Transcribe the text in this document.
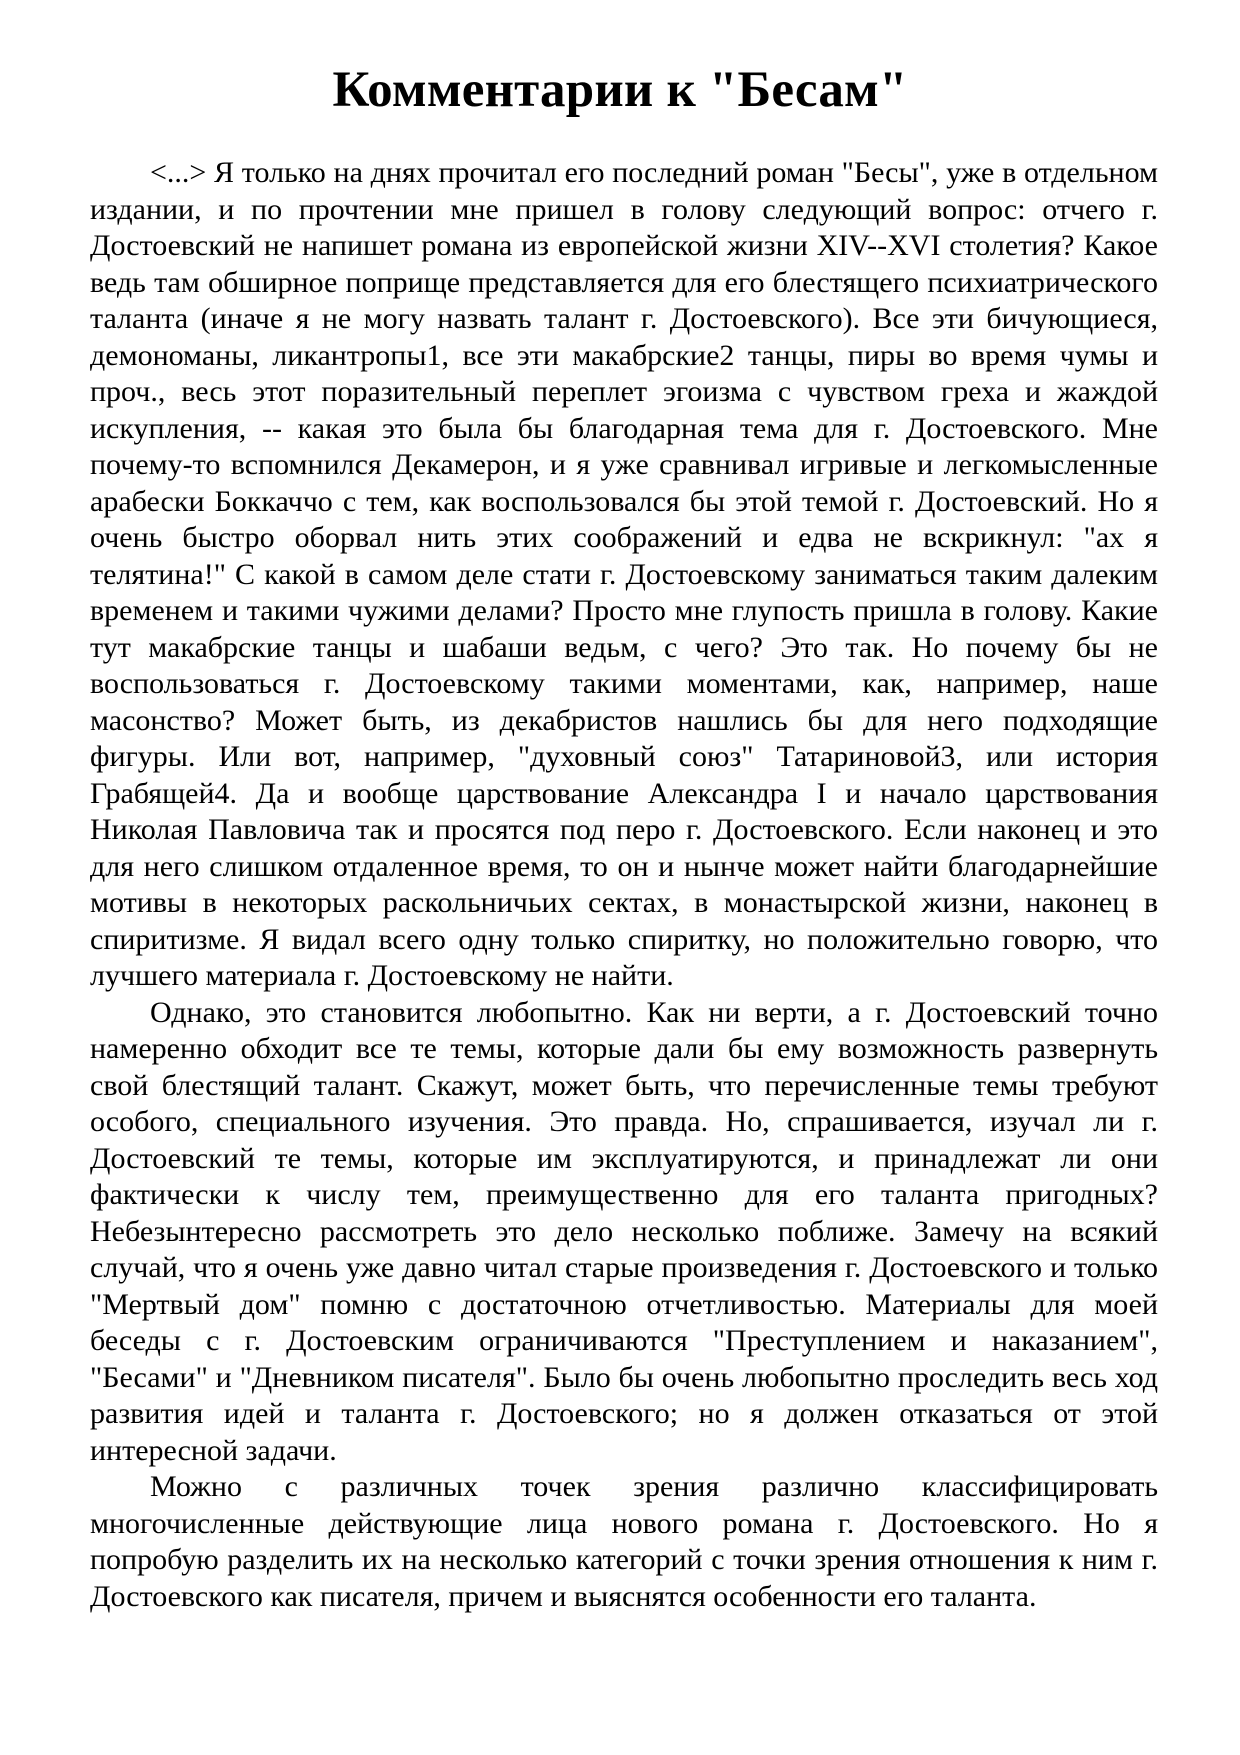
Комментарии к "Бесам"

<...> Я только на днях прочитал его последний роман "Бесы", уже в отдельном издании, и по прочтении мне пришел в голову следующий вопрос: отчего г. Достоевский не напишет романа из европейской жизни XIV--XVI столетия? Какое ведь там обширное поприще представляется для его блестящего психиатрического таланта (иначе я не могу назвать талант г. Достоевского). Все эти бичующиеся, демономаны, ликантропы1, все эти макабрские2 танцы, пиры во время чумы и проч., весь этот поразительный переплет эгоизма с чувством греха и жаждой искупления, -- какая это была бы благодарная тема для г. Достоевского. Мне почему-то вспомнился Декамерон, и я уже сравнивал игривые и легкомысленные арабески Боккаччо с тем, как воспользовался бы этой темой г. Достоевский. Но я очень быстро оборвал нить этих соображений и едва не вскрикнул: "ах я телятина!" С какой в самом деле стати г. Достоевскому заниматься таким далеким временем и такими чужими делами? Просто мне глупость пришла в голову. Какие тут макабрские танцы и шабаши ведьм, с чего? Это так. Но почему бы не воспользоваться г. Достоевскому такими моментами, как, например, наше масонство? Может быть, из декабристов нашлись бы для него подходящие фигуры. Или вот, например, "духовный союз" Татариновой3, или история Грабящей4. Да и вообще царствование Александра I и начало царствования Николая Павловича так и просятся под перо г. Достоевского. Если наконец и это для него слишком отдаленное время, то он и нынче может найти благодарнейшие мотивы в некоторых раскольничьих сектах, в монастырской жизни, наконец в спиритизме. Я видал всего одну только спиритку, но положительно говорю, что лучшего материала г. Достоевскому не найти.

Однако, это становится любопытно. Как ни верти, а г. Достоевский точно намеренно обходит все те темы, которые дали бы ему возможность развернуть свой блестящий талант. Скажут, может быть, что перечисленные темы требуют особого, специального изучения. Это правда. Но, спрашивается, изучал ли г. Достоевский те темы, которые им эксплуатируются, и принадлежат ли они фактически к числу тем, преимущественно для его таланта пригодных? Небезынтересно рассмотреть это дело несколько поближе. Замечу на всякий случай, что я очень уже давно читал старые произведения г. Достоевского и только "Мертвый дом" помню с достаточною отчетливостью. Материалы для моей беседы с г. Достоевским ограничиваются "Преступлением и наказанием", "Бесами" и "Дневником писателя". Было бы очень любопытно проследить весь ход развития идей и таланта г. Достоевского; но я должен отказаться от этой интересной задачи.

Можно с различных точек зрения различно классифицировать многочисленные действующие лица нового романа г. Достоевского. Но я попробую разделить их на несколько категорий с точки зрения отношения к ним г. Достоевского как писателя, причем и выяснятся особенности его таланта.
